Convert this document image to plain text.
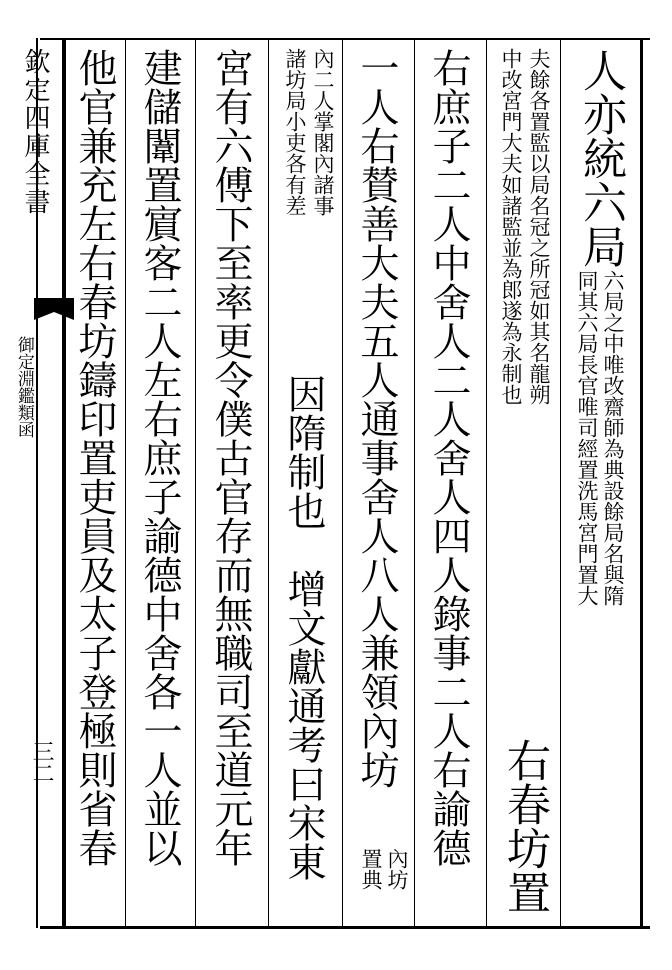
欽定四庫全書
御定淵鑑類函
三二
人亦統六局
六局之中唯改齋師為典設餘局名與隋
同其六局長官唯司經置洗馬宮門置大
夫餘各置監以局名冠之所冠如其名龍朔
中改宮門大夫如諸監並為郎遂為永制也
右春坊置
右庶子二人中舍人二人舍人四人錄事二人右諭德
一人右賛善大夫五人通事舍人八人兼領內坊
內坊
置典
內二人掌閣內諸事
諸坊局小吏各有差
因隋制也　增文獻通考曰宋東
宮有六傅下至率更令僕古官存而無職司至道元年
建儲闈置賔客二人左右庶子諭德中舍各一人並以
他官兼充左右春坊鑄印置吏員及太子登極則省春
